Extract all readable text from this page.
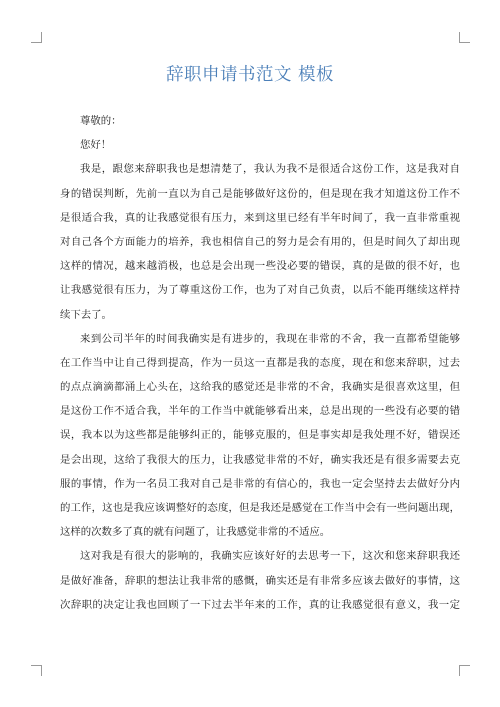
辞职申请书范文 模板

尊敬的：

您好！

我是，跟您来辞职我也是想清楚了，我认为我不是很适合这份工作，这是我对自
身的错误判断，先前一直以为自己是能够做好这份的，但是现在我才知道这份工作不
是很适合我，真的让我感觉很有压力，来到这里已经有半年时间了，我一直非常重视
对自己各个方面能力的培养，我也相信自己的努力是会有用的，但是时间久了却出现
这样的情况，越来越消极，也总是会出现一些没必要的错误，真的是做的很不好，也
让我感觉很有压力，为了尊重这份工作，也为了对自己负责，以后不能再继续这样持
续下去了。

来到公司半年的时间我确实是有进步的，我现在非常的不舍，我一直都希望能够
在工作当中让自己得到提高，作为一员这一直都是我的态度，现在和您来辞职，过去
的点点滴滴都涌上心头在，这给我的感觉还是非常的不舍，我确实是很喜欢这里，但
是这份工作不适合我，半年的工作当中就能够看出来，总是出现的一些没有必要的错
误，我本以为这些都是能够纠正的，能够克服的，但是事实却是我处理不好，错误还
是会出现，这给了我很大的压力，让我感觉非常的不好，确实我还是有很多需要去克
服的事情，作为一名员工我对自己是非常的有信心的，我也一定会坚持去去做好分内
的工作，这也是我应该调整好的态度，但是我还是感觉在工作当中会有一些问题出现，
这样的次数多了真的就有问题了，让我感觉非常的不适应。

这对我是有很大的影响的，我确实应该好好的去思考一下，这次和您来辞职我还
是做好准备，辞职的想法让我非常的感慨，确实还是有非常多应该去做好的事情，这
次辞职的决定让我也回顾了一下过去半年来的工作，真的让我感觉很有意义，我一定
